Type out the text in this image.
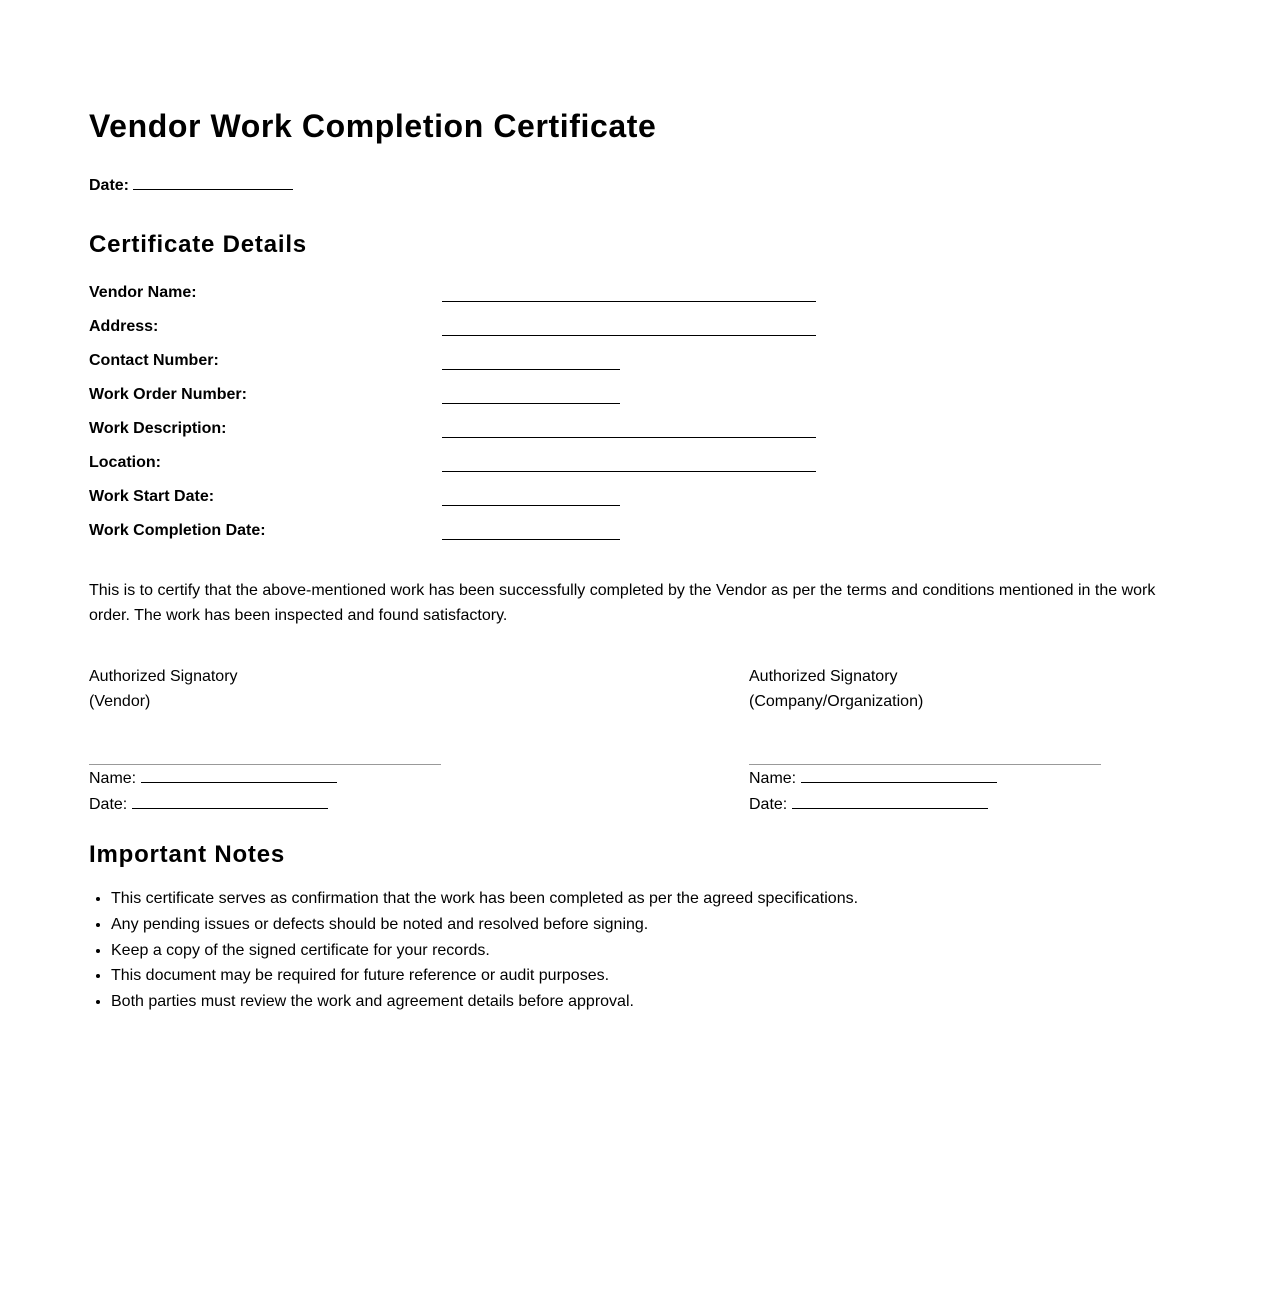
Vendor Work Completion Certificate
Date:
Certificate Details
Vendor Name:
Address:
Contact Number:
Work Order Number:
Work Description:
Location:
Work Start Date:
Work Completion Date:

This is to certify that the above-mentioned work has been successfully completed by the Vendor as per the terms and conditions mentioned in the work order. The work has been inspected and found satisfactory.

Authorized Signatory
(Vendor)
Name:
Date:
Authorized Signatory
(Company/Organization)
Name:
Date:
Important Notes
• This certificate serves as confirmation that the work has been completed as per the agreed specifications.
• Any pending issues or defects should be noted and resolved before signing.
• Keep a copy of the signed certificate for your records.
• This document may be required for future reference or audit purposes.
• Both parties must review the work and agreement details before approval.
